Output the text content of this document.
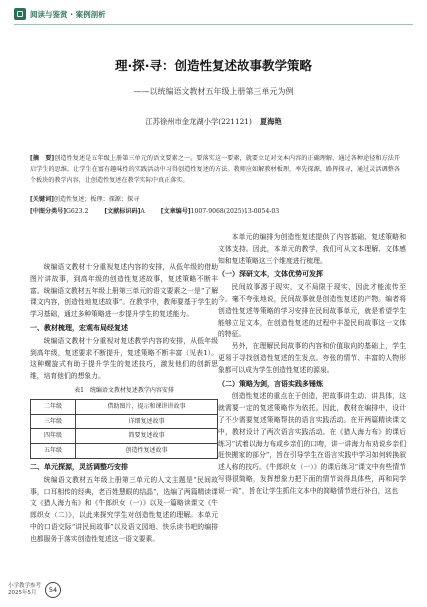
阅读与鉴赏 · 案例剖析
理·探·寻：创造性复述故事教学策略
——以统编语文教材五年级上册第三单元为例
江苏徐州市金龙湖小学(221121) 夏海艳
[摘　要]创造性复述是五年级上册第三单元的语文要素之一。要落实这一要素，就要立足对文本内容的正确理解，通过各种途径和方法开启学生的思维，让学生在富有趣味性的实践活动中习得创造性复述的方法。教师应如解教材板理，率先探源，路挥探寻，通过灵活调整各个板块的教学内容，让创造性复述在教学实际中真正落实。
[关键词]创造性复述；板理；探源；探寻
[中图分类号]G623.2	[文献标识码]A	[文章编号]1007-9068(2025)13-0054-03

统编语文教材十分重视复述内容的安排，从低年级的借助图片讲故事，到高年级的创造性复述故事，复述策略不断丰富。统编语文教材五年级上册第三单元的语文要素之一是“了解课文内容，创造性地复述故事”。在教学中，教师要基于学生的学习基础，通过多种策略进一步提升学生的复述能力。

一、教材梳理，宏观布局经复述

统编语文教材十分重视对复述教学内容的安排，从低年级到高年级，复述要求不断提升，复述策略不断丰富（见表1）。这种螺旋式有助于提升学生的复述技巧，激发他们的创新思维，培育他们的想象力。

表1　统编语文教材复述教学内容安排
二年级	借助图片，提示和课讲讲故事
三年级	详细复述故事
四年级	简要复述故事
五年级	创造性复述故事
二、单元探源，灵活调整巧安排

统编语文教材五年级上册第三单元的人文主题是“民间故事，口耳相传的经典，老百姓慧眼的结晶”，选编了两篇精读课文《猎人海力布》和《牛郎织女（一）》以及一篇略读课文《牛郎织女（二）》，以此来探究学生对创造性复述的理解。本单元中的口语交际“讲民间故事”以及语文园地、快乐读书吧的编排也都服务于落实创造性复述这一语文要素。

本单元的编排为创造性复述提供了内容基础、复述策略和文体支持。因此，本单元的教学，我们可从文本理解、文体感知和复述策略这三个维度进行梳理。

（一）深研文本，文体优势可发挥

民间故事源于现实，又不局限于现实，因此才能流传至今。毫不夸张地说，民间故事就是创造性复述的产物。编者将创造性复述等策略的学习安排在民间故事单元，就是希望学生能够立足文本，在创造性复述的过程中丰盈民间故事这一文体的特征。

另外，在理解民间故事的内容和价值取向的基础上，学生更易于寻找创造性复述的生发点。夸张的情节、丰富的人物形象都可以成为学生创造性复述的源泉。

（二）策略为剑，言语实践多锤炼

创造性复述的重点在于创造，把故事讲生动、讲具体，这就需要一定的复述策略作为依托。因此，教材在编排中，设计了不少需要复述策略帮扶的语言实践活动。在开两篇精读课文中，教材设计了两次语言实践活动。在《猎人海力布》的课后练习“试着以海力布或乡亲们的口吻，讲一讲海力布劝说乡亲们赶快搬家的部分”，旨在引导学生在语言实践中学习如何转换叙述人称的技巧。《牛郎织女（一）》的课后练习“课文中有些情节写得很简略，发挥想象力把下面的情节说得具体些，再和同学说一说”，旨在让学生抓住文本中的简略情节进行补白，这也

小学教学参考
2025年5月	54
